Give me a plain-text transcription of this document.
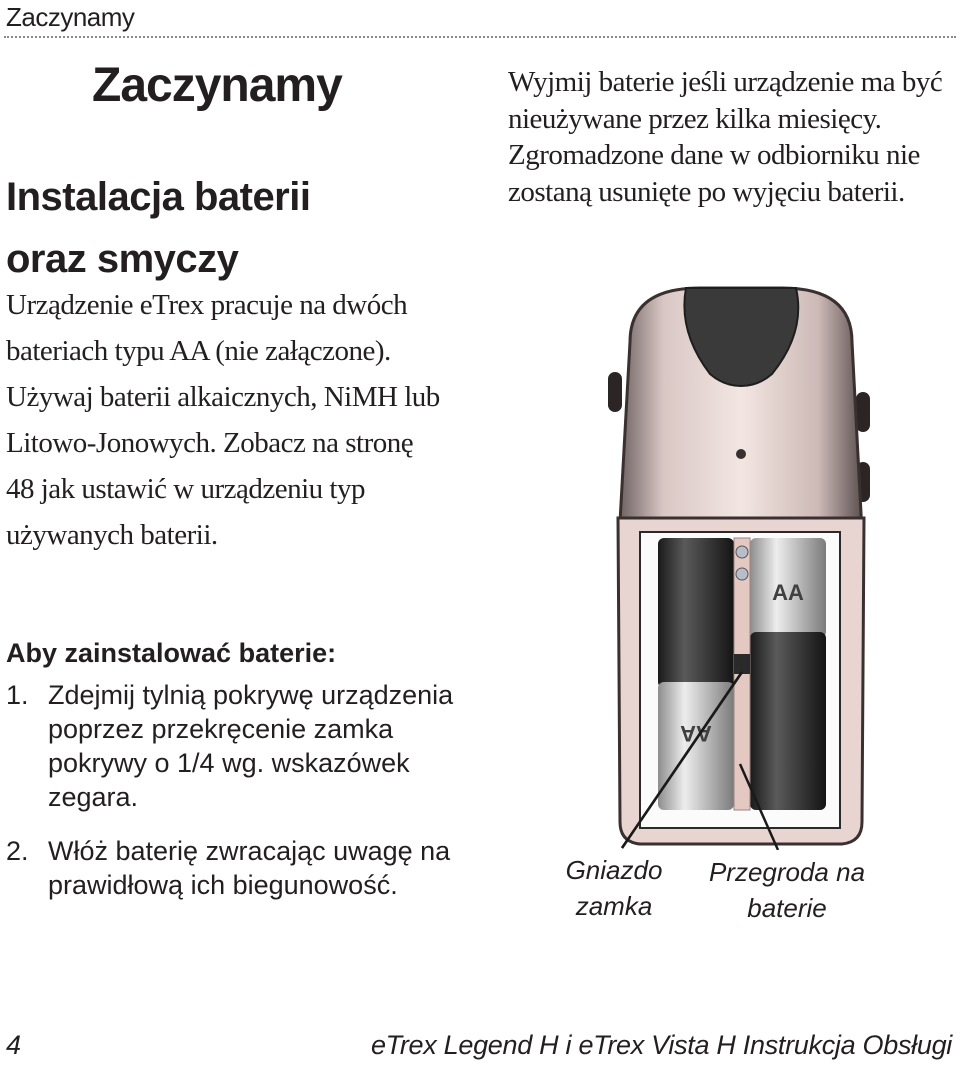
Zaczynamy
Zaczynamy
Instalacja baterii
oraz smyczy

Urządzenie eTrex pracuje na dwóch bateriach typu AA (nie załączone). Używaj baterii alkaicznych, NiMH lub Litowo-Jonowych. Zobacz na stronę 48 jak ustawić w urządzeniu typ używanych baterii.

Wyjmij baterie jeśli urządzenie ma być nieużywane przez kilka miesięcy. Zgromadzone dane w odbiorniku nie zostaną usunięte po wyjęciu baterii.

Aby zainstalować baterie:
1. Zdejmij tylnią pokrywę urządzenia poprzez przekręcenie zamka pokrywy o 1/4 wg. wskazówek zegara.
2. Włóż baterię zwracając uwagę na prawidłową ich biegunowość.
AA
AA

Gniazdo
zamka

Przegroda na
baterie

4	eTrex Legend H i eTrex Vista H Instrukcja Obsługi
